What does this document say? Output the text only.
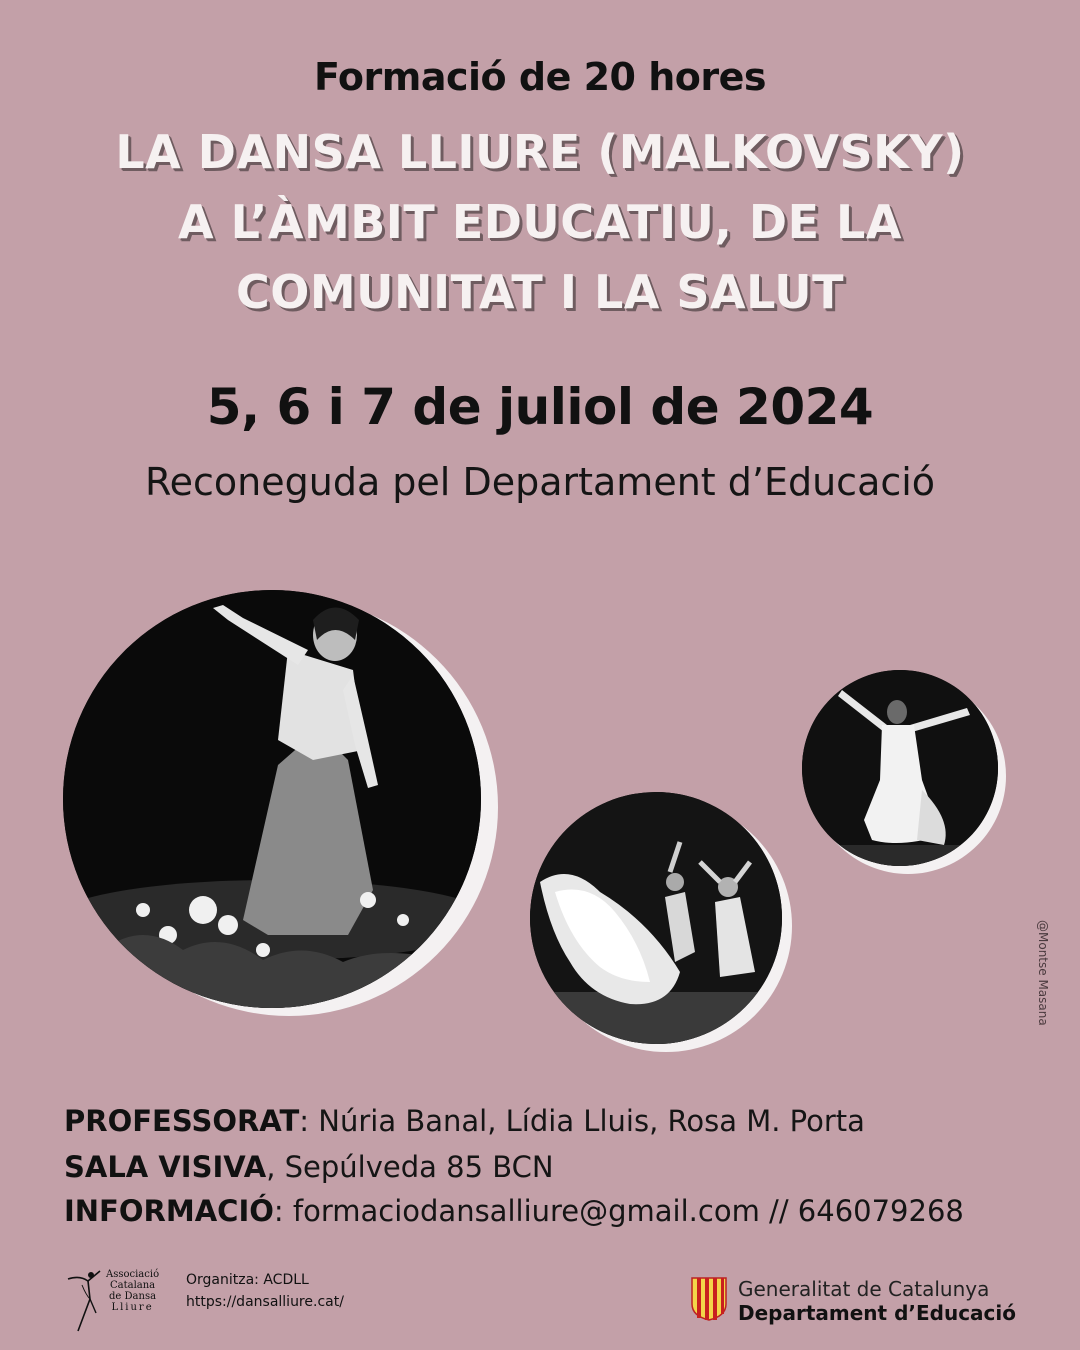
Formació de 20 hores
LA DANSA LLIURE (MALKOVSKY)
A L’ÀMBIT EDUCATIU, DE LA
COMUNITAT I LA SALUT
5, 6 i 7 de juliol de 2024
Reconeguda pel Departament d’Educació
@Montse Masana
PROFESSORAT: Núria Banal, Lídia Lluis, Rosa M. Porta
SALA VISIVA, Sepúlveda 85 BCN
INFORMACIÓ: formaciodansalliure@gmail.com // 646079268
Associació
Catalana
de Dansa
Lliure
Organitza: ACDLL
https://dansalliure.cat/
Generalitat de Catalunya
Departament d’Educació
